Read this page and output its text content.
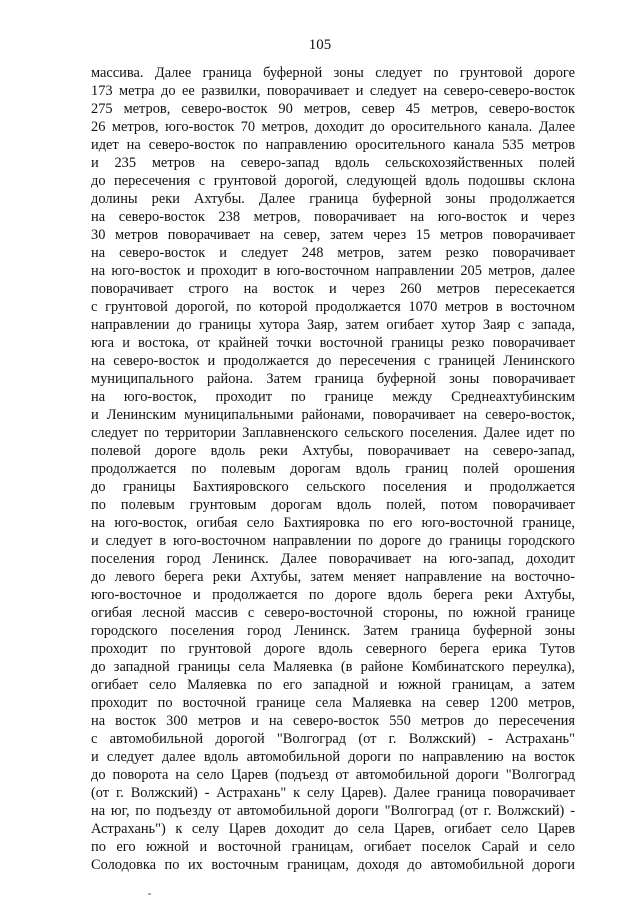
105
массива. Далее граница буферной зоны следует по грунтовой дороге
173 метра до ее развилки, поворачивает и следует на северо-северо-восток
275 метров, северо-восток 90 метров, север 45 метров, северо-восток
26 метров, юго-восток 70 метров, доходит до оросительного канала. Далее
идет на северо-восток по направлению оросительного канала 535 метров
и 235 метров на северо-запад вдоль сельскохозяйственных полей
до пересечения с грунтовой дорогой, следующей вдоль подошвы склона
долины реки Ахтубы. Далее граница буферной зоны продолжается
на северо-восток 238 метров, поворачивает на юго-восток и через
30 метров поворачивает на север, затем через 15 метров поворачивает
на северо-восток и следует 248 метров, затем резко поворачивает
на юго-восток и проходит в юго-восточном направлении 205 метров, далее
поворачивает строго на восток и через 260 метров пересекается
с грунтовой дорогой, по которой продолжается 1070 метров в восточном
направлении до границы хутора Заяр, затем огибает хутор Заяр с запада,
юга и востока, от крайней точки восточной границы резко поворачивает
на северо-восток и продолжается до пересечения с границей Ленинского
муниципального района. Затем граница буферной зоны поворачивает
на юго-восток, проходит по границе между Среднеахтубинским
и Ленинским муниципальными районами, поворачивает на северо-восток,
следует по территории Заплавненского сельского поселения. Далее идет по
полевой дороге вдоль реки Ахтубы, поворачивает на северо-запад,
продолжается по полевым дорогам вдоль границ полей орошения
до границы Бахтияровского сельского поселения и продолжается
по полевым грунтовым дорогам вдоль полей, потом поворачивает
на юго-восток, огибая село Бахтияровка по его юго-восточной границе,
и следует в юго-восточном направлении по дороге до границы городского
поселения город Ленинск. Далее поворачивает на юго-запад, доходит
до левого берега реки Ахтубы, затем меняет направление на восточно-
юго-восточное и продолжается по дороге вдоль берега реки Ахтубы,
огибая лесной массив с северо-восточной стороны, по южной границе
городского поселения город Ленинск. Затем граница буферной зоны
проходит по грунтовой дороге вдоль северного берега ерика Тутов
до западной границы села Маляевка (в районе Комбинатского переулка),
огибает село Маляевка по его западной и южной границам, а затем
проходит по восточной границе села Маляевка на север 1200 метров,
на восток 300 метров и на северо-восток 550 метров до пересечения
с автомобильной дорогой "Волгоград (от г. Волжский) - Астрахань"
и следует далее вдоль автомобильной дороги по направлению на восток
до поворота на село Царев (подъезд от автомобильной дороги "Волгоград
(от г. Волжский) - Астрахань" к селу Царев). Далее граница поворачивает
на юг, по подъезду от автомобильной дороги "Волгоград (от г. Волжский) -
Астрахань") к селу Царев доходит до села Царев, огибает село Царев
по его южной и восточной границам, огибает поселок Сарай и село
Солодовка по их восточным границам, доходя до автомобильной дороги
